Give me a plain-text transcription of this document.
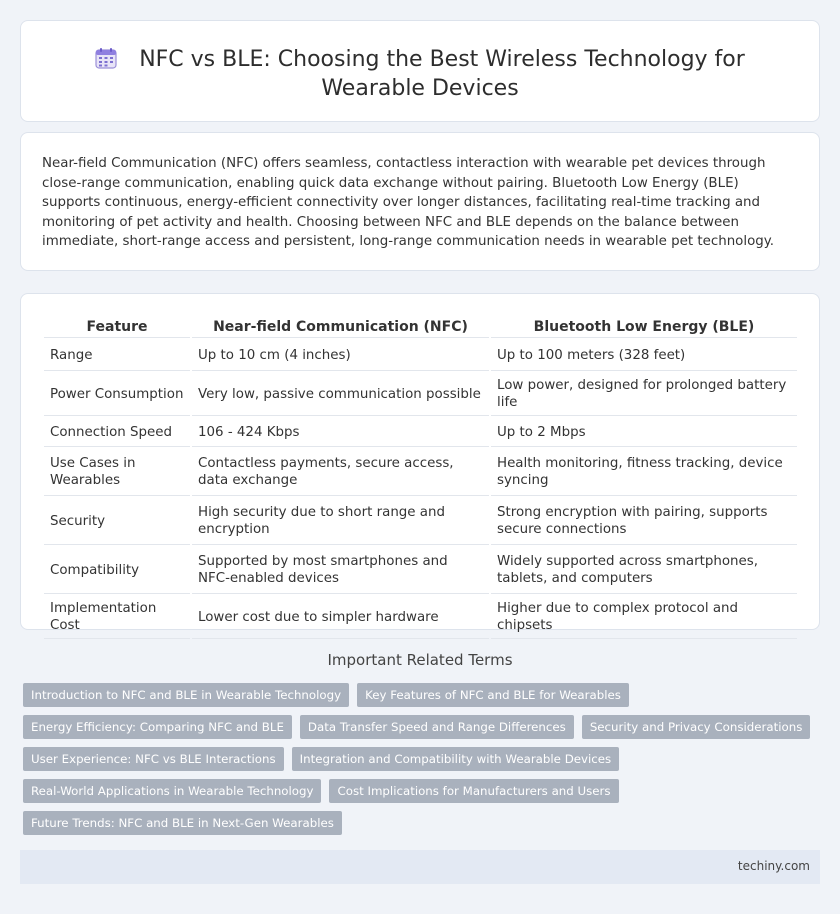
NFC vs BLE: Choosing the Best Wireless Technology for Wearable Devices

Near-field Communication (NFC) offers seamless, contactless interaction with wearable pet devices through close-range communication, enabling quick data exchange without pairing. Bluetooth Low Energy (BLE) supports continuous, energy-efficient connectivity over longer distances, facilitating real-time tracking and monitoring of pet activity and health. Choosing between NFC and BLE depends on the balance between immediate, short-range access and persistent, long-range communication needs in wearable pet technology.

Feature	Near-field Communication (NFC)	Bluetooth Low Energy (BLE)
Range	Up to 10 cm (4 inches)	Up to 100 meters (328 feet)
Power Consumption	Very low, passive communication possible	Low power, designed for prolonged battery life
Connection Speed	106 - 424 Kbps	Up to 2 Mbps
Use Cases in Wearables	Contactless payments, secure access, data exchange	Health monitoring, fitness tracking, device syncing
Security	High security due to short range and encryption	Strong encryption with pairing, supports secure connections
Compatibility	Supported by most smartphones and NFC-enabled devices	Widely supported across smartphones, tablets, and computers
Implementation Cost	Lower cost due to simpler hardware	Higher due to complex protocol and chipsets
Important Related Terms
Introduction to NFC and BLE in Wearable Technology	Key Features of NFC and BLE for Wearables
Energy Efficiency: Comparing NFC and BLE	Data Transfer Speed and Range Differences	Security and Privacy Considerations
User Experience: NFC vs BLE Interactions	Integration and Compatibility with Wearable Devices
Real-World Applications in Wearable Technology	Cost Implications for Manufacturers and Users
Future Trends: NFC and BLE in Next-Gen Wearables
techiny.com
